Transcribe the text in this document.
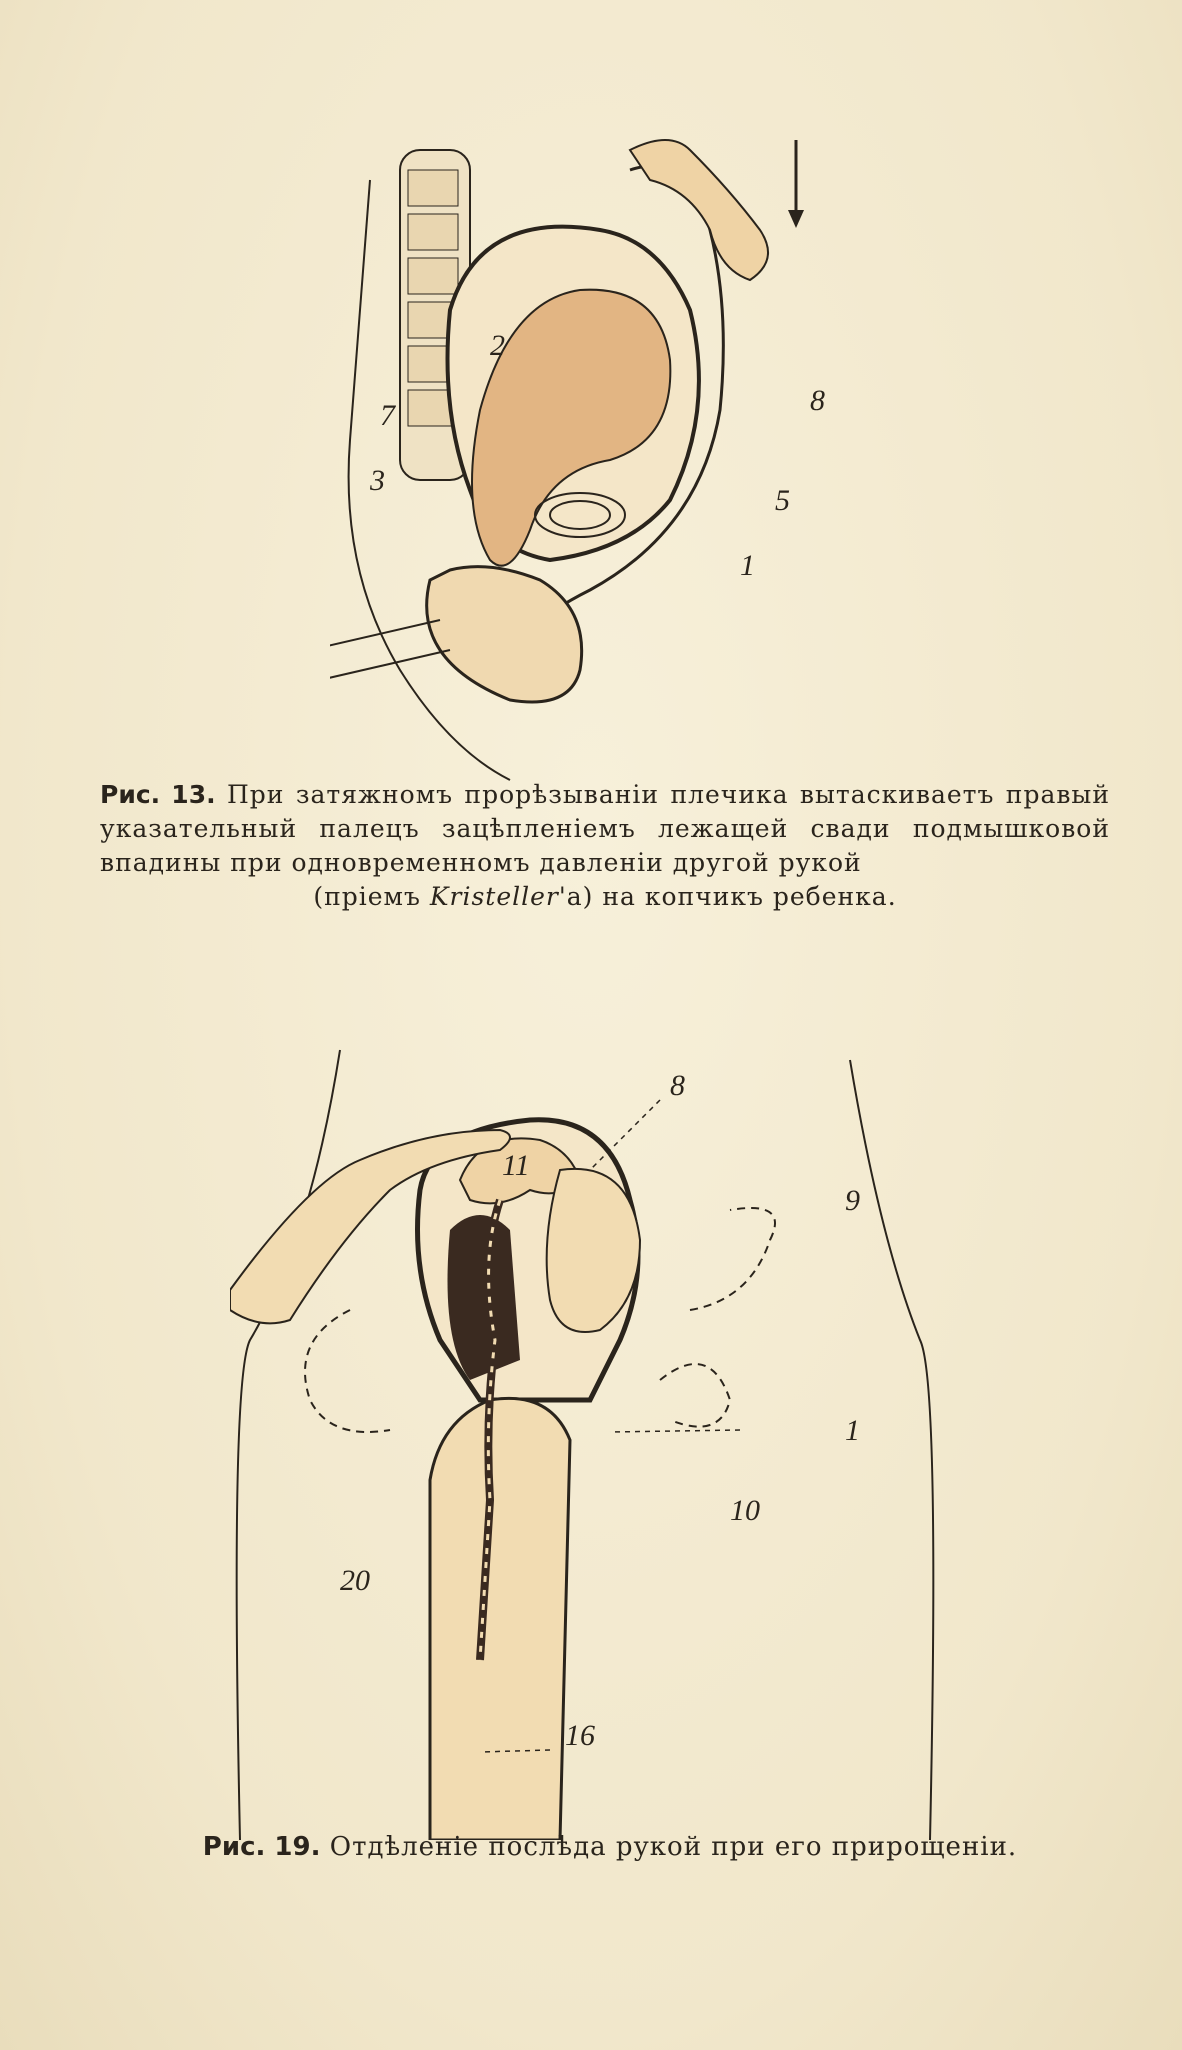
2
7
3
8
5
1
Рис. 13. При затяжномъ прорѣзываніи плечика вытаскиваетъ правый указательный палецъ зацѣпленіемъ лежащей свади подмышковой впадины при одновременномъ давленіи другой рукой
(пріемъ Kristeller'а) на копчикъ ребенка.
8
9
11
1
10
20
16
Рис. 19. Отдѣленіе послѣда рукой при его прирощеніи.
